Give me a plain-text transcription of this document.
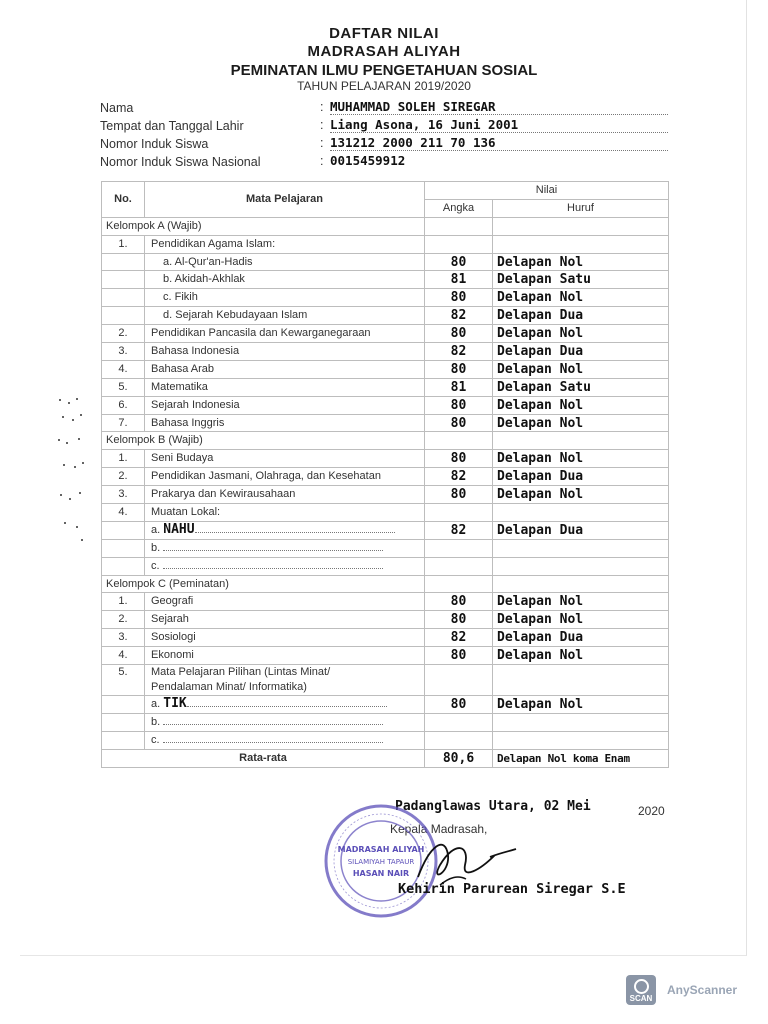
DAFTAR NILAI
MADRASAH ALIYAH
PEMINATAN ILMU PENGETAHUAN SOSIAL
TAHUN PELAJARAN 2019/2020
Nama	: MUHAMMAD SOLEH SIREGAR
Tempat dan Tanggal Lahir	: Liang Asona, 16 Juni 2001
Nomor Induk Siswa	: 131212 2000 211 70 136
Nomor Induk Siswa Nasional	: 0015459912
No.	Mata Pelajaran	Nilai	
		Angka	Huruf
Kelompok A (Wajib)			
1.	Pendidikan Agama Islam:		
	a. Al-Qur'an-Hadis	80	Delapan Nol
	b. Akidah-Akhlak	81	Delapan Satu
	c. Fikih	80	Delapan Nol
	d. Sejarah Kebudayaan Islam	82	Delapan Dua
2.	Pendidikan Pancasila dan Kewarganegaraan	80	Delapan Nol
3.	Bahasa Indonesia	82	Delapan Dua
4.	Bahasa Arab	80	Delapan Nol
5.	Matematika	81	Delapan Satu
6.	Sejarah Indonesia	80	Delapan Nol
7.	Bahasa Inggris	80	Delapan Nol
Kelompok B (Wajib)			
1.	Seni Budaya	80	Delapan Nol
2.	Pendidikan Jasmani, Olahraga, dan Kesehatan	82	Delapan Dua
3.	Prakarya dan Kewirausahaan	80	Delapan Nol
4.	Muatan Lokal:		
	a. NAHU	82	Delapan Dua
	b.		
	c.		
Kelompok C (Peminatan)			
1.	Geografi	80	Delapan Nol
2.	Sejarah	80	Delapan Nol
3.	Sosiologi	82	Delapan Dua
4.	Ekonomi	80	Delapan Nol
5.	Mata Pelajaran Pilihan (Lintas Minat/
Pendalaman Minat/ Informatika)		

	a. TIK	80	Delapan Nol
	b.		
	c.		
Rata-rata		80,6	Delapan Nol koma Enam
Padanglawas Utara, 02 Mei	2020
Kepala Madrasah,
MADRASAH ALIYAH
SILAMIYAH TAPAUR
HASAN NAIR
Kehirin Parurean Siregar S.E
SCAN
AnyScanner
